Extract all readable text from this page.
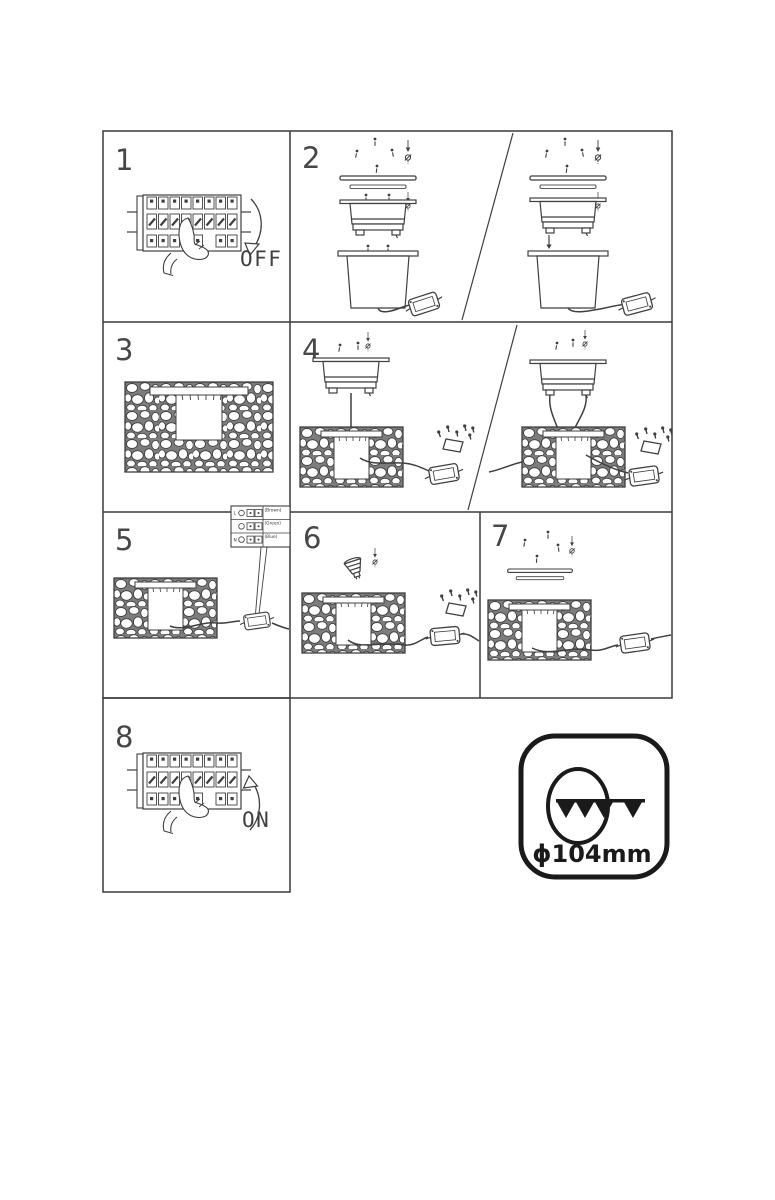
1
OFF
2
3	4
5
L
N
(Brown)
(Green)
(Blue) 6	7
8
ON
ϕ104mm
